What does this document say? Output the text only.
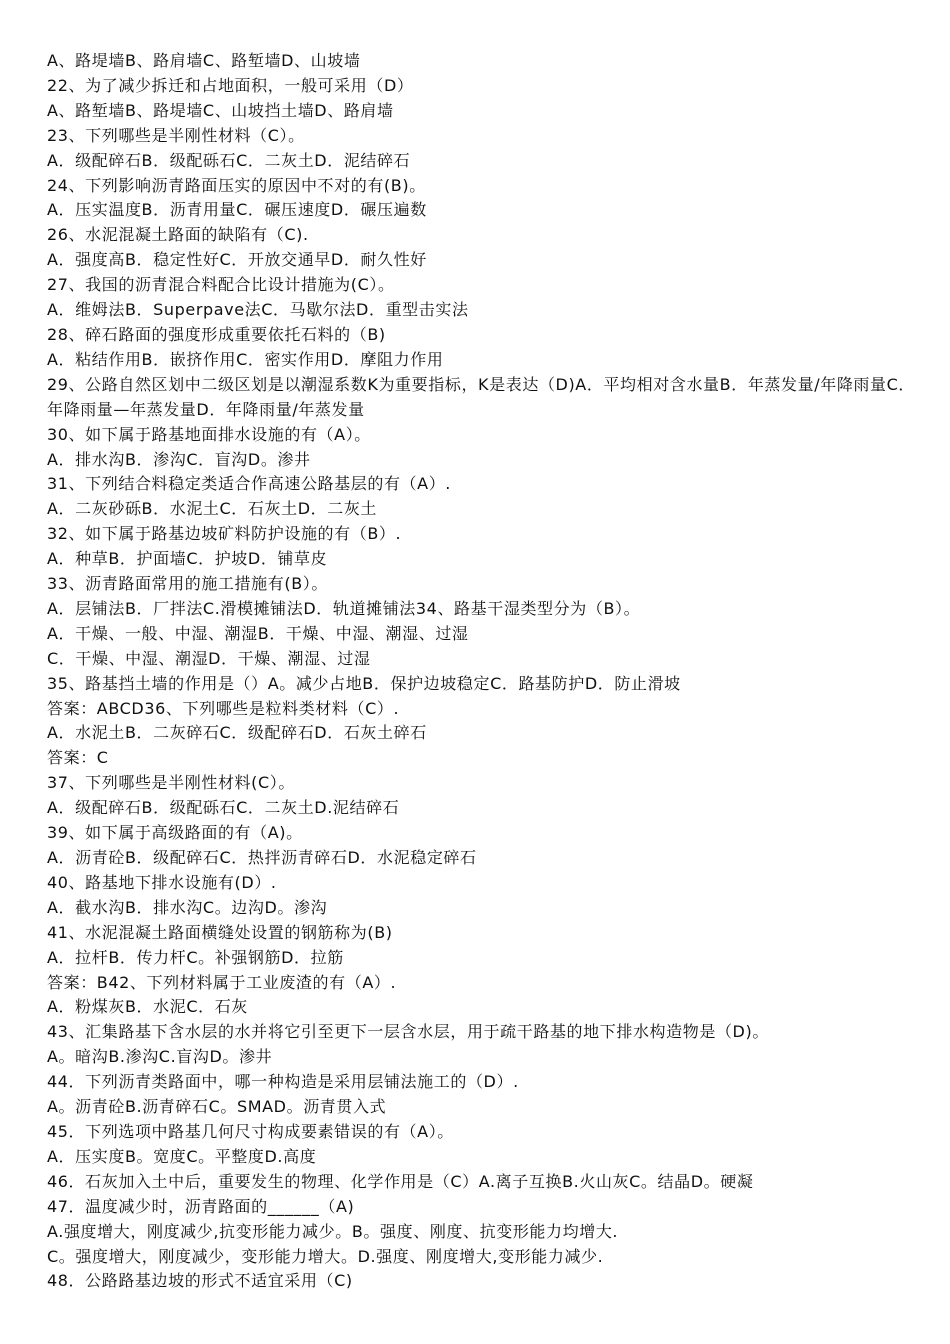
A、路堤墙B、路肩墙C、路堑墙D、山坡墙
22、为了减少拆迁和占地面积，一般可采用（D）
A、路堑墙B、路堤墙C、山坡挡土墙D、路肩墙
23、下列哪些是半刚性材料（C）。
A．级配碎石B．级配砾石C．二灰土D．泥结碎石
24、下列影响沥青路面压实的原因中不对的有(B)。
A．压实温度B．沥青用量C．碾压速度D．碾压遍数
26、水泥混凝土路面的缺陷有（C).
A．强度高B．稳定性好C．开放交通早D．耐久性好
27、我国的沥青混合料配合比设计措施为(C）。
A．维姆法B．Superpave法C．马歇尔法D．重型击实法
28、碎石路面的强度形成重要依托石料的（B)
A．粘结作用B．嵌挤作用C．密实作用D．摩阻力作用
29、公路自然区划中二级区划是以潮湿系数K为重要指标，K是表达（D)A．平均相对含水量B．年蒸发量/年降雨量C．年降雨量—年蒸发量D．年降雨量/年蒸发量
30、如下属于路基地面排水设施的有（A）。
A．排水沟B．渗沟C．盲沟D。渗井
31、下列结合料稳定类适合作高速公路基层的有（A）.
A．二灰砂砾B．水泥土C．石灰土D．二灰土
32、如下属于路基边坡矿料防护设施的有（B）.
A．种草B．护面墙C．护坡D．铺草皮
33、沥青路面常用的施工措施有(B）。
A．层铺法B．厂拌法C.滑模摊铺法D．轨道摊铺法34、路基干湿类型分为（B）。
A．干燥、一般、中湿、潮湿B．干燥、中湿、潮湿、过湿
C．干燥、中湿、潮湿D．干燥、潮湿、过湿
35、路基挡土墙的作用是（）A。减少占地B．保护边坡稳定C．路基防护D．防止滑坡
答案：ABCD36、下列哪些是粒料类材料（C）.
A．水泥土B．二灰碎石C．级配碎石D．石灰土碎石
答案：C
37、下列哪些是半刚性材料(C）。
A．级配碎石B．级配砾石C．二灰土D.泥结碎石
39、如下属于高级路面的有（A)。
A．沥青砼B．级配碎石C．热拌沥青碎石D．水泥稳定碎石
40、路基地下排水设施有(D）.
A．截水沟B．排水沟C。边沟D。渗沟
41、水泥混凝土路面横缝处设置的钢筋称为(B)
A．拉杆B．传力杆C。补强钢筋D．拉筋
答案：B42、下列材料属于工业废渣的有（A）.
A．粉煤灰B．水泥C．石灰
43、汇集路基下含水层的水并将它引至更下一层含水层，用于疏干路基的地下排水构造物是（D)。
A。暗沟B.渗沟C.盲沟D。渗井
44．下列沥青类路面中，哪一种构造是采用层铺法施工的（D）.
A。沥青砼B.沥青碎石C。SMAD。沥青贯入式
45．下列选项中路基几何尺寸构成要素错误的有（A）。
A．压实度B。宽度C。平整度D.高度
46．石灰加入土中后，重要发生的物理、化学作用是（C）A.离子互换B.火山灰C。结晶D。硬凝
47．温度减少时，沥青路面的______（A)
A.强度增大，刚度减少,抗变形能力减少。B。强度、刚度、抗变形能力均增大.
C。强度增大，刚度减少，变形能力增大。D.强度、刚度增大,变形能力减少.
48．公路路基边坡的形式不适宜采用（C)
